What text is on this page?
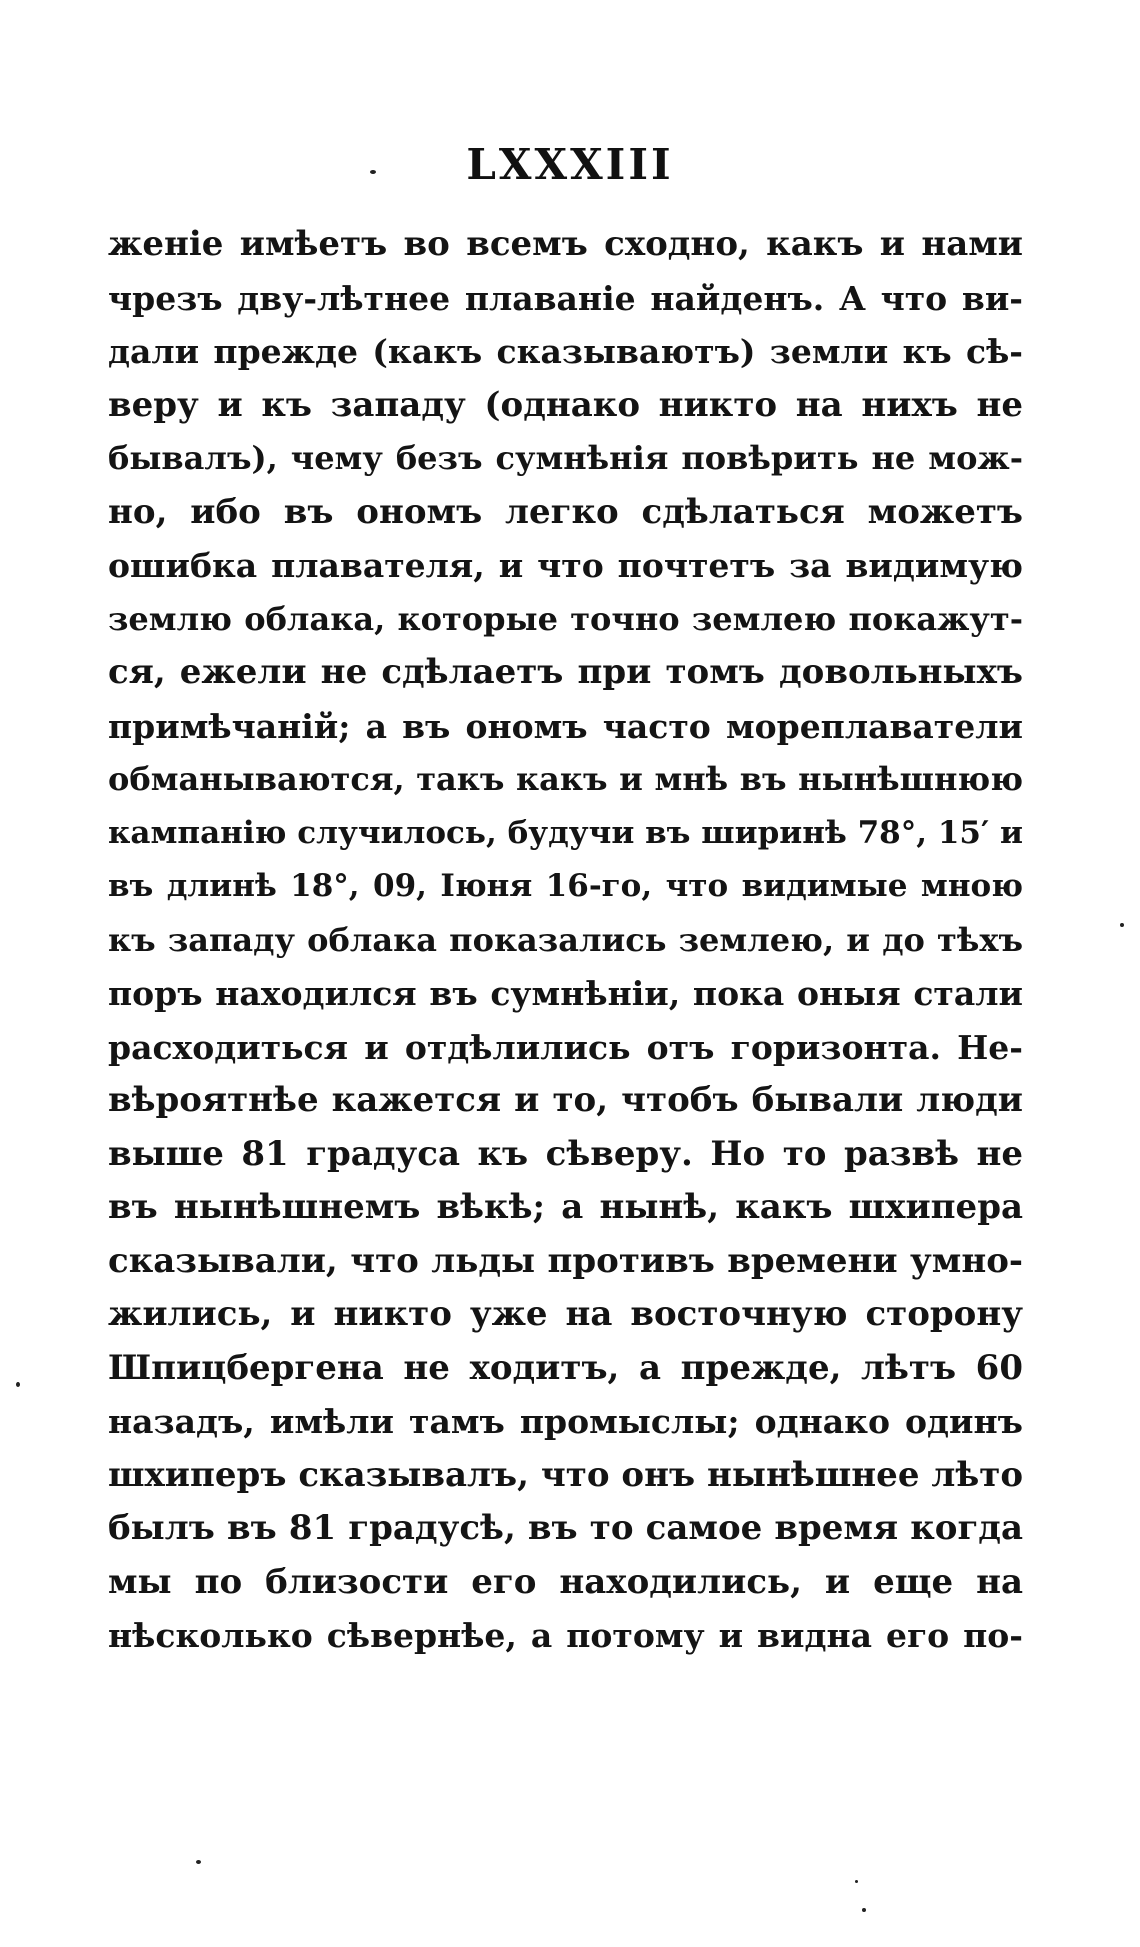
LXXXIII
женіе имѣетъ во всемъ сходно, какъ и нами
чрезъ дву-лѣтнее плаваніе найденъ. А что ви-
дали прежде (какъ сказываютъ) земли къ сѣ-
веру и къ западу (однако никто на нихъ не
бывалъ), чему безъ сумнѣнія повѣрить не мож-
но, ибо въ ономъ легко сдѣлаться можетъ
ошибка плавателя, и что почтетъ за видимую
землю облака, которые точно землею покажут-
ся, ежели не сдѣлаетъ при томъ довольныхъ
примѣчаній; а въ ономъ часто мореплаватели
обманываются, такъ какъ и мнѣ въ нынѣшнюю
кампанію случилось, будучи въ ширинѣ 78°, 15′ и
въ длинѣ 18°, 09, Іюня 16-го, что видимые мною
къ западу облака показались землею, и до тѣхъ
поръ находился въ сумнѣніи, пока оныя стали
расходиться и отдѣлились отъ горизонта. Не-
вѣроятнѣе кажется и то, чтобъ бывали люди
выше 81 градуса къ сѣверу. Но то развѣ не
въ нынѣшнемъ вѣкѣ; а нынѣ, какъ шхипера
сказывали, что льды противъ времени умно-
жились, и никто уже на восточную сторону
Шпицбергена не ходитъ, а прежде, лѣтъ 60
назадъ, имѣли тамъ промыслы; однако одинъ
шхиперъ сказывалъ, что онъ нынѣшнее лѣто
былъ въ 81 градусѣ, въ то самое время когда
мы по близости его находились, и еще на
нѣсколько сѣвернѣе, а потому и видна его по-
